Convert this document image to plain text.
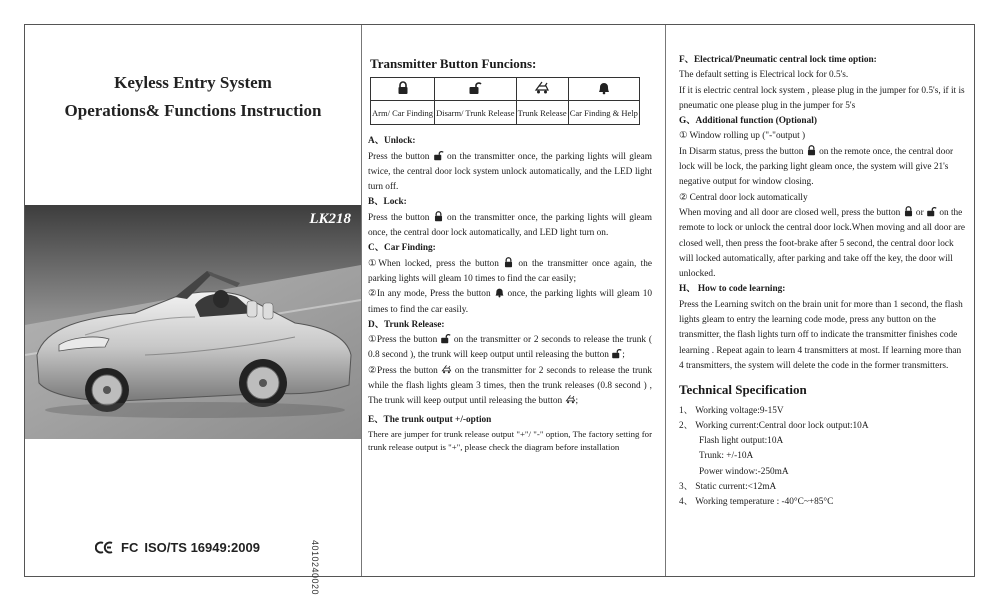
Keyless Entry System
Operations& Functions Instruction
LK218
4010240020
FC ISO/TS 16949:2009
Transmitter Button Funcions:

Arm/ Car Finding	Disarm/ Trunk Release	Trunk Release	Car Finding & Help
A、Unlock:
Press the button on the transmitter once, the parking lights will gleam twice, the central door lock system unlock automatically, and the LED light turn off.
B、Lock:
Press the button on the transmitter once, the parking lights will gleam once, the central door lock automatically, and LED light turn on.
C、Car Finding:
①When locked, press the button on the transmitter once again, the parking lights will gleam 10 times to find the car easily;
②In any mode, Press the button once, the parking lights will gleam 10 times to find the car easily.
D、Trunk Release:
①Press the button on the transmitter or 2 seconds to release the trunk ( 0.8 second ), the trunk will keep output until releasing the button ;
②Press the button on the transmitter for 2 seconds to release the trunk while the flash lights gleam 3 times, then the trunk releases (0.8 second ) , The trunk will keep output until releasing the button ;
E、The trunk output +/-option
There are jumper for trunk release output "+"/ "-" option, The factory setting for trunk release output is "+", please check the diagram before installation
F、Electrical/Pneumatic central lock time option:
The default setting is Electrical lock for 0.5's.
If it is electric central lock system , please plug in the jumper for 0.5's, if it is pneumatic one please plug in the jumper for 5's
G、Additional function (Optional)
① Window rolling up ("-"output )
In Disarm status, press the button on the remote once, the central door lock will be lock, the parking light gleam once, the system will give 21's negative output for window closing.
② Central door lock automatically
When moving and all door are closed well, press the button or on the remote to lock or unlock the central door lock.When moving and all door are closed well, then press the foot-brake after 5 second, the central door lock will locked automatically, after parking and take off the key, the door will unlocked.
H、 How to code learning:
Press the Learning switch on the brain unit for more than 1 second, the flash lights gleam to entry the learning code mode, press any button on the transmitter, the flash lights turn off to indicate the transmitter finishes code learning . Repeat again to learn 4 transmitters at most. If learning more than 4 transmitters, the system will delete the code in the former transmitters.
Technical Specification
1、 Working voltage:9-15V
2、 Working current:Central door lock output:10A
Flash light output:10A
Trunk: +/-10A
Power window:-250mA
3、 Static current:<12mA
4、 Working temperature : -40°C~+85°C
